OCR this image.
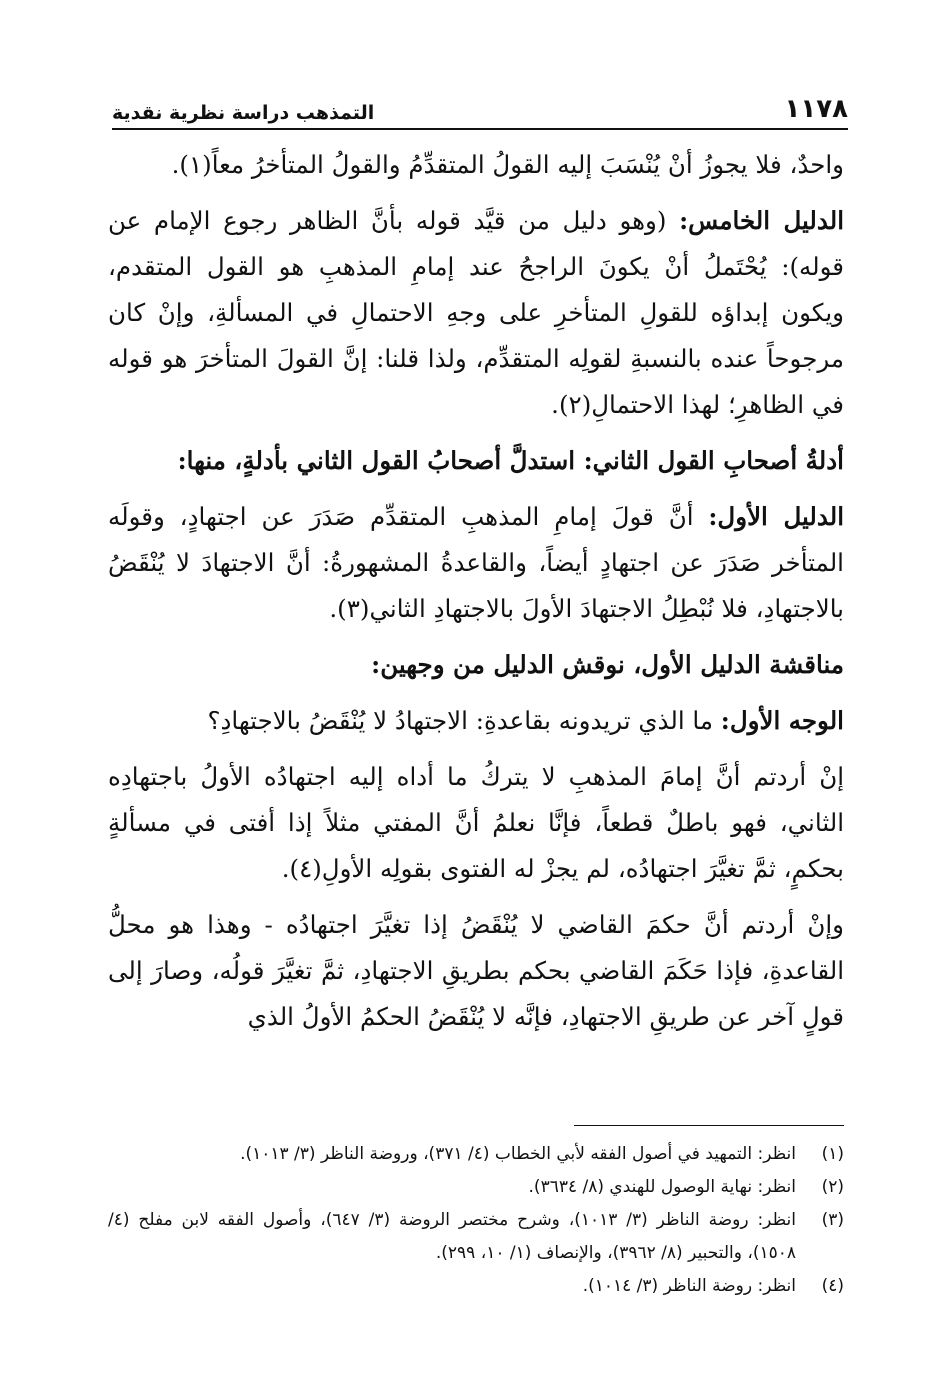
١١٧٨
التمذهب دراسة نظرية نقدية

واحدٌ، فلا يجوزُ أنْ يُنْسَبَ إليه القولُ المتقدِّمُ والقولُ المتأخرُ معاً(١).

الدليل الخامس: (وهو دليل من قيَّد قوله بأنَّ الظاهر رجوع الإمام عن قوله): يُحْتَملُ أنْ يكونَ الراجحُ عند إمامِ المذهبِ هو القول المتقدم، ويكون إبداؤه للقولِ المتأخرِ على وجهِ الاحتمالِ في المسألةِ، وإنْ كان مرجوحاً عنده بالنسبةِ لقولِه المتقدِّم، ولذا قلنا: إنَّ القولَ المتأخرَ هو قوله في الظاهرِ؛ لهذا الاحتمالِ(٢).

أدلةُ أصحابِ القول الثاني: استدلَّ أصحابُ القول الثاني بأدلةٍ، منها:

الدليل الأول: أنَّ قولَ إمامِ المذهبِ المتقدِّم صَدَرَ عن اجتهادٍ، وقولَه المتأخر صَدَرَ عن اجتهادٍ أيضاً، والقاعدةُ المشهورةُ: أنَّ الاجتهادَ لا يُنْقَضُ بالاجتهادِ، فلا نُبْطِلُ الاجتهادَ الأولَ بالاجتهادِ الثاني(٣).

مناقشة الدليل الأول، نوقش الدليل من وجهين:

الوجه الأول: ما الذي تريدونه بقاعدةِ: الاجتهادُ لا يُنْقَضُ بالاجتهادِ؟

إنْ أردتم أنَّ إمامَ المذهبِ لا يتركُ ما أداه إليه اجتهادُه الأولُ باجتهادِه الثاني، فهو باطلٌ قطعاً، فإنَّا نعلمُ أنَّ المفتي مثلاً إذا أفتى في مسألةٍ بحكمٍ، ثمَّ تغيَّرَ اجتهادُه، لم يجزْ له الفتوى بقولِه الأولِ(٤).

وإنْ أردتم أنَّ حكمَ القاضي لا يُنْقَضُ إذا تغيَّرَ اجتهادُه - وهذا هو محلُّ القاعدةِ، فإذا حَكَمَ القاضي بحكم بطريقِ الاجتهادِ، ثمَّ تغيَّرَ قولُه، وصارَ إلى قولٍ آخر عن طريقِ الاجتهادِ، فإنَّه لا يُنْقَضُ الحكمُ الأولُ الذي

(١)
انظر: التمهيد في أصول الفقه لأبي الخطاب (٤/ ٣٧١)، وروضة الناظر (٣/ ١٠١٣).
(٢)
انظر: نهاية الوصول للهندي (٨/ ٣٦٣٤).
(٣)
انظر: روضة الناظر (٣/ ١٠١٣)، وشرح مختصر الروضة (٣/ ٦٤٧)، وأصول الفقه لابن مفلح (٤/ ١٥٠٨)، والتحبير (٨/ ٣٩٦٢)، والإنصاف (١/ ١٠، ٢٩٩).
(٤)
انظر: روضة الناظر (٣/ ١٠١٤).
